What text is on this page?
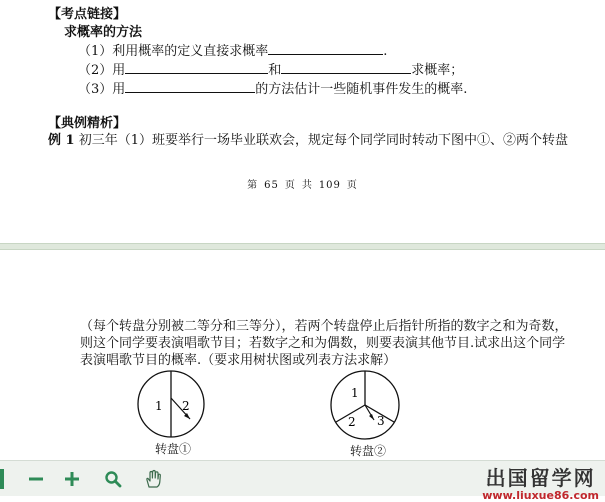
【考点链接】
求概率的方法
（1）利用概率的定义直接求概率	.
（2）用	和	求概率；
（3）用	的方法估计一些随机事件发生的概率.
【典例精析】
例 1 初三年（1）班要举行一场毕业联欢会，规定每个同学同时转动下图中①、②两个转盘
第 65 页 共 109 页
（每个转盘分别被二等分和三等分），若两个转盘停止后指针所指的数字之和为奇数，
则这个同学要表演唱歌节目；若数字之和为偶数，则要表演其他节目.试求出这个同学
表演唱歌节目的概率.（要求用树状图或列表方法求解）
1 2
转盘①
1
2 3
转盘②
出国留学网
www.liuxue86.com
